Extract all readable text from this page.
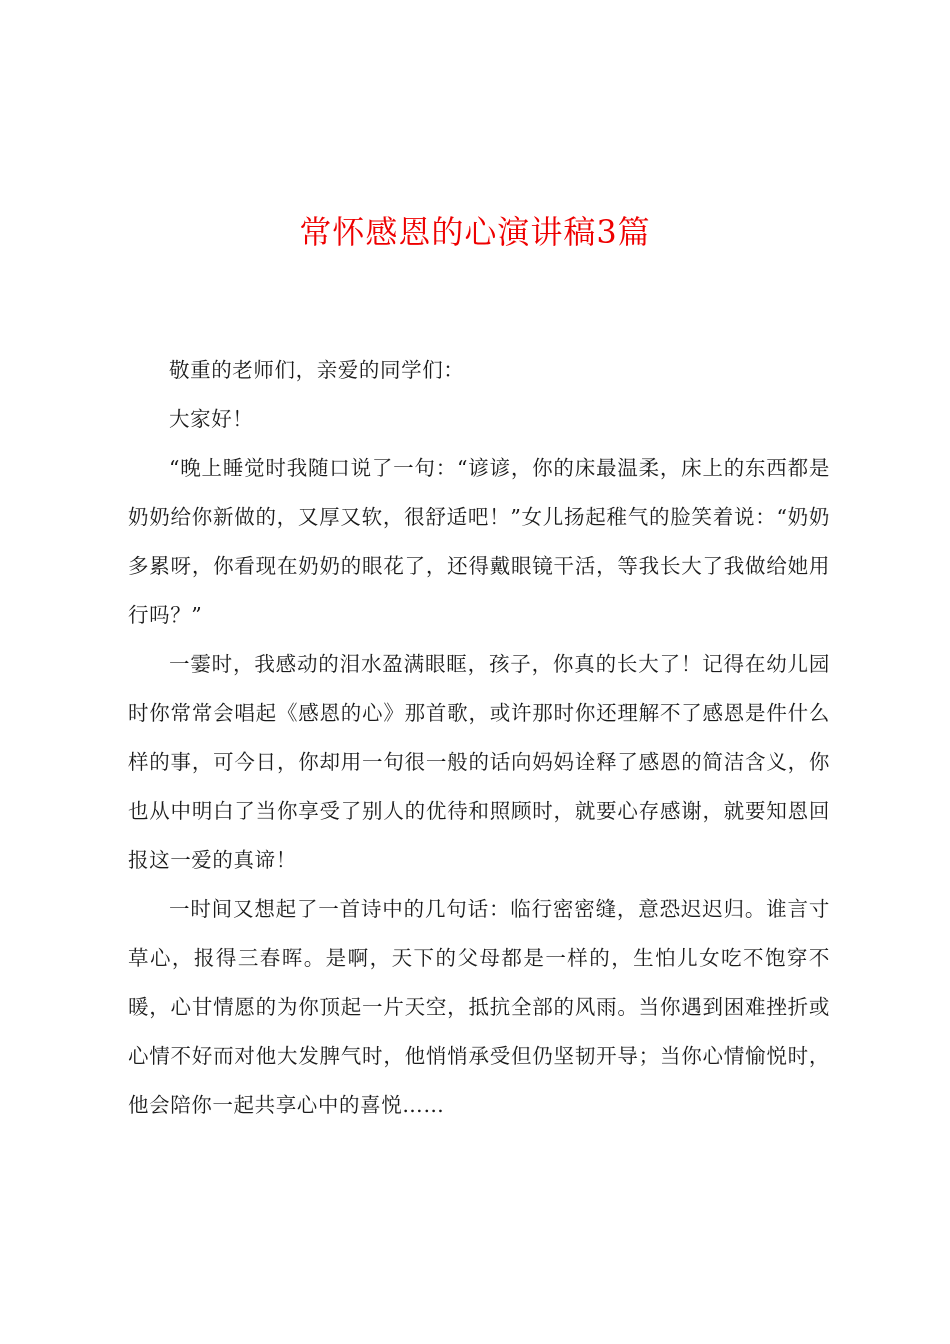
常怀感恩的心演讲稿3篇

敬重的老师们，亲爱的同学们：

大家好！

“晚上睡觉时我随口说了一句：“谚谚，你的床最温柔，床上的东西都是奶奶给你新做的，又厚又软，很舒适吧！”女儿扬起稚气的脸笑着说：“奶奶多累呀，你看现在奶奶的眼花了，还得戴眼镜干活，等我长大了我做给她用行吗？”

一霎时，我感动的泪水盈满眼眶，孩子，你真的长大了！记得在幼儿园时你常常会唱起《感恩的心》那首歌，或许那时你还理解不了感恩是件什么样的事，可今日，你却用一句很一般的话向妈妈诠释了感恩的简洁含义，你也从中明白了当你享受了别人的优待和照顾时，就要心存感谢，就要知恩回报这一爱的真谛！

一时间又想起了一首诗中的几句话：临行密密缝，意恐迟迟归。谁言寸草心，报得三春晖。是啊，天下的父母都是一样的，生怕儿女吃不饱穿不暖，心甘情愿的为你顶起一片天空，抵抗全部的风雨。当你遇到困难挫折或心情不好而对他大发脾气时，他悄悄承受但仍坚韧开导；当你心情愉悦时，他会陪你一起共享心中的喜悦……
